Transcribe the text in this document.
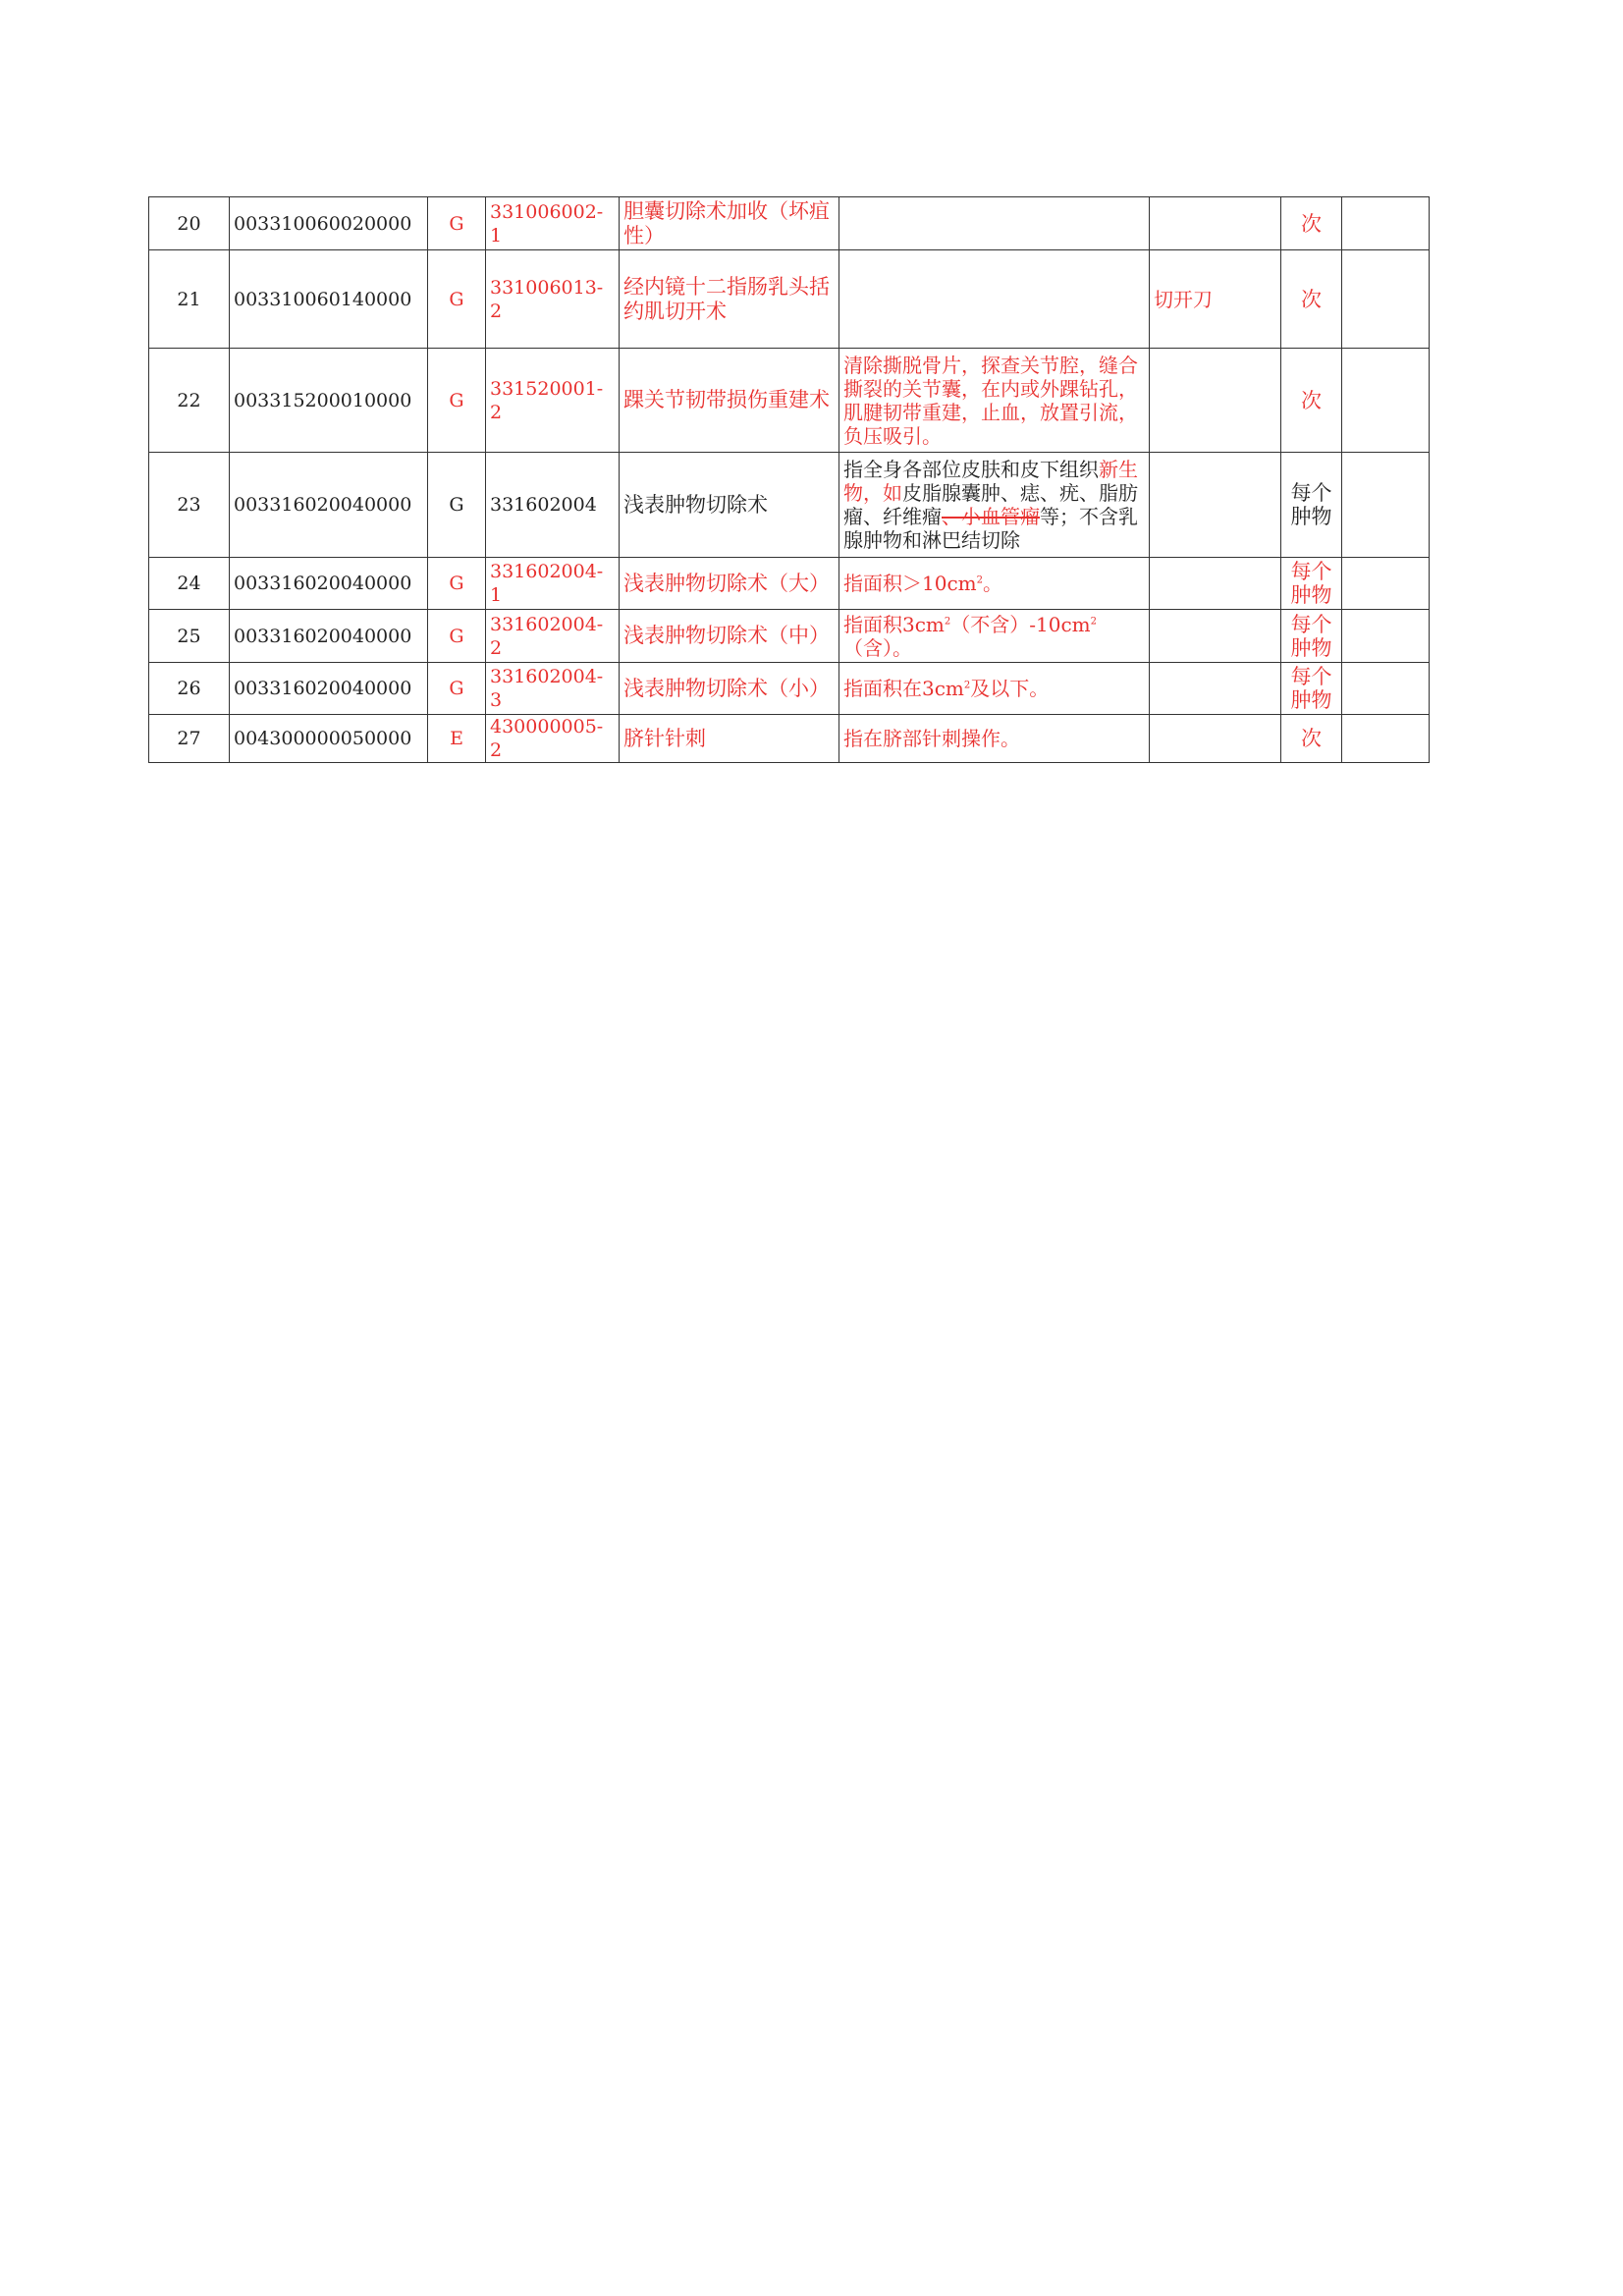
20	003310060020000	G	331006002-1	胆囊切除术加收（坏疽性）			次	
21	003310060140000	G	331006013-2	经内镜十二指肠乳头括约肌切开术		切开刀	次	
22	003315200010000	G	331520001-2	踝关节韧带损伤重建术	清除撕脱骨片，探查关节腔，缝合撕裂的关节囊，在内或外踝钻孔，肌腱韧带重建，止血，放置引流，负压吸引。		次	
23	003316020040000	G	331602004	浅表肿物切除术	指全身各部位皮肤和皮下组织新生物，如皮脂腺囊肿、痣、疣、脂肪瘤、纤维瘤、小血管瘤等；不含乳腺肿物和淋巴结切除		每个肿物	
24	003316020040000	G	331602004-1	浅表肿物切除术（大）	指面积$>10cm^2$。		每个肿物	
25	003316020040000	G	331602004-2	浅表肿物切除术（中）	指面积$3cm^2$（不含）$-10cm^2$（含）。		每个肿物	
26	003316020040000	G	331602004-3	浅表肿物切除术（小）	指面积在$3cm^2$及以下。		每个肿物	
27	004300000050000	E	430000005-2	脐针针刺	指在脐部针刺操作。		次	
